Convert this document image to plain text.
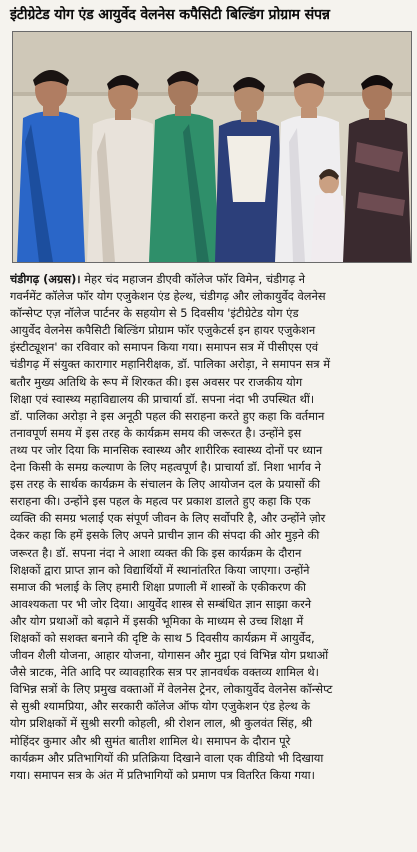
इंटीग्रेटेड योग एंड आयुर्वेद वेलनेस कपैसिटी बिल्डिंग प्रोग्राम संपन्न
चंडीगढ़ (अग्रस)। मेहर चंद महाजन डीएवी कॉलेज फॉर विमेन, चंडीगढ़ ने
गवर्नमेंट कॉलेज फॉर योग एजुकेशन एंड हेल्थ, चंडीगढ़ और लोकायुर्वेद वेलनेस
कॉन्सेप्ट एज़ नॉलेज पार्टनर के सहयोग से 5 दिवसीय 'इंटीग्रेटेड योग एंड
आयुर्वेद वेलनेस कपैसिटी बिल्डिंग प्रोग्राम फॉर एजुकेटर्स इन हायर एजुकेशन
इंस्टीट्यूशन' का रविवार को समापन किया गया। समापन सत्र में पीसीएस एवं
चंडीगढ़ में संयुक्त कारागार महानिरीक्षक, डॉ. पालिका अरोड़ा, ने समापन सत्र में
बतौर मुख्य अतिथि के रूप में शिरकत की। इस अवसर पर राजकीय योग
शिक्षा एवं स्वास्थ्य महाविद्यालय की प्राचार्या डॉ. सपना नंदा भी उपस्थित थीं।
डॉ. पालिका अरोड़ा ने इस अनूठी पहल की सराहना करते हुए कहा कि वर्तमान
तनावपूर्ण समय में इस तरह के कार्यक्रम समय की जरूरत है। उन्होंने इस
तथ्य पर जोर दिया कि मानसिक स्वास्थ्य और शारीरिक स्वास्थ्य दोनों पर ध्यान
देना किसी के समग्र कल्याण के लिए महत्वपूर्ण है। प्राचार्या डॉ. निशा भार्गव ने
इस तरह के सार्थक कार्यक्रम के संचालन के लिए आयोजन दल के प्रयासों की
सराहना की। उन्होंने इस पहल के महत्व पर प्रकाश डालते हुए कहा कि एक
व्यक्ति की समग्र भलाई एक संपूर्ण जीवन के लिए सर्वोपरि है, और उन्होंने ज़ोर
देकर कहा कि हमें इसके लिए अपने प्राचीन ज्ञान की संपदा की ओर मुड़ने की
जरूरत है। डॉ. सपना नंदा ने आशा व्यक्त की कि इस कार्यक्रम के दौरान
शिक्षकों द्वारा प्राप्त ज्ञान को विद्यार्थियों में स्थानांतरित किया जाएगा। उन्होंने
समाज की भलाई के लिए हमारी शिक्षा प्रणाली में शास्त्रों के एकीकरण की
आवश्यकता पर भी जोर दिया। आयुर्वेद शास्त्र से सम्बंधित ज्ञान साझा करने
और योग प्रथाओं को बढ़ाने में इसकी भूमिका के माध्यम से उच्च शिक्षा में
शिक्षकों को सशक्त बनाने की दृष्टि के साथ 5 दिवसीय कार्यक्रम में आयुर्वेद,
जीवन शैली योजना, आहार योजना, योगासन और मुद्रा एवं विभिन्न योग प्रथाओं
जैसे त्राटक, नेति आदि पर व्यावहारिक सत्र पर ज्ञानवर्धक वक्तव्य शामिल थे।
विभिन्न सत्रों के लिए प्रमुख वक्ताओं में वेलनेस ट्रेनर, लोकायुर्वेद वेलनेस कॉन्सेप्ट
से सुश्री श्यामप्रिया, और सरकारी कॉलेज ऑफ योग एजुकेशन एंड हेल्थ के
योग प्रशिक्षकों में सुश्री सरगी कोहली, श्री रोशन लाल, श्री कुलवंत सिंह, श्री
मोहिंदर कुमार और श्री सुमंत बातीश शामिल थे। समापन के दौरान पूरे
कार्यक्रम और प्रतिभागियों की प्रतिक्रिया दिखाने वाला एक वीडियो भी दिखाया
गया। समापन सत्र के अंत में प्रतिभागियों को प्रमाण पत्र वितरित किया गया।
